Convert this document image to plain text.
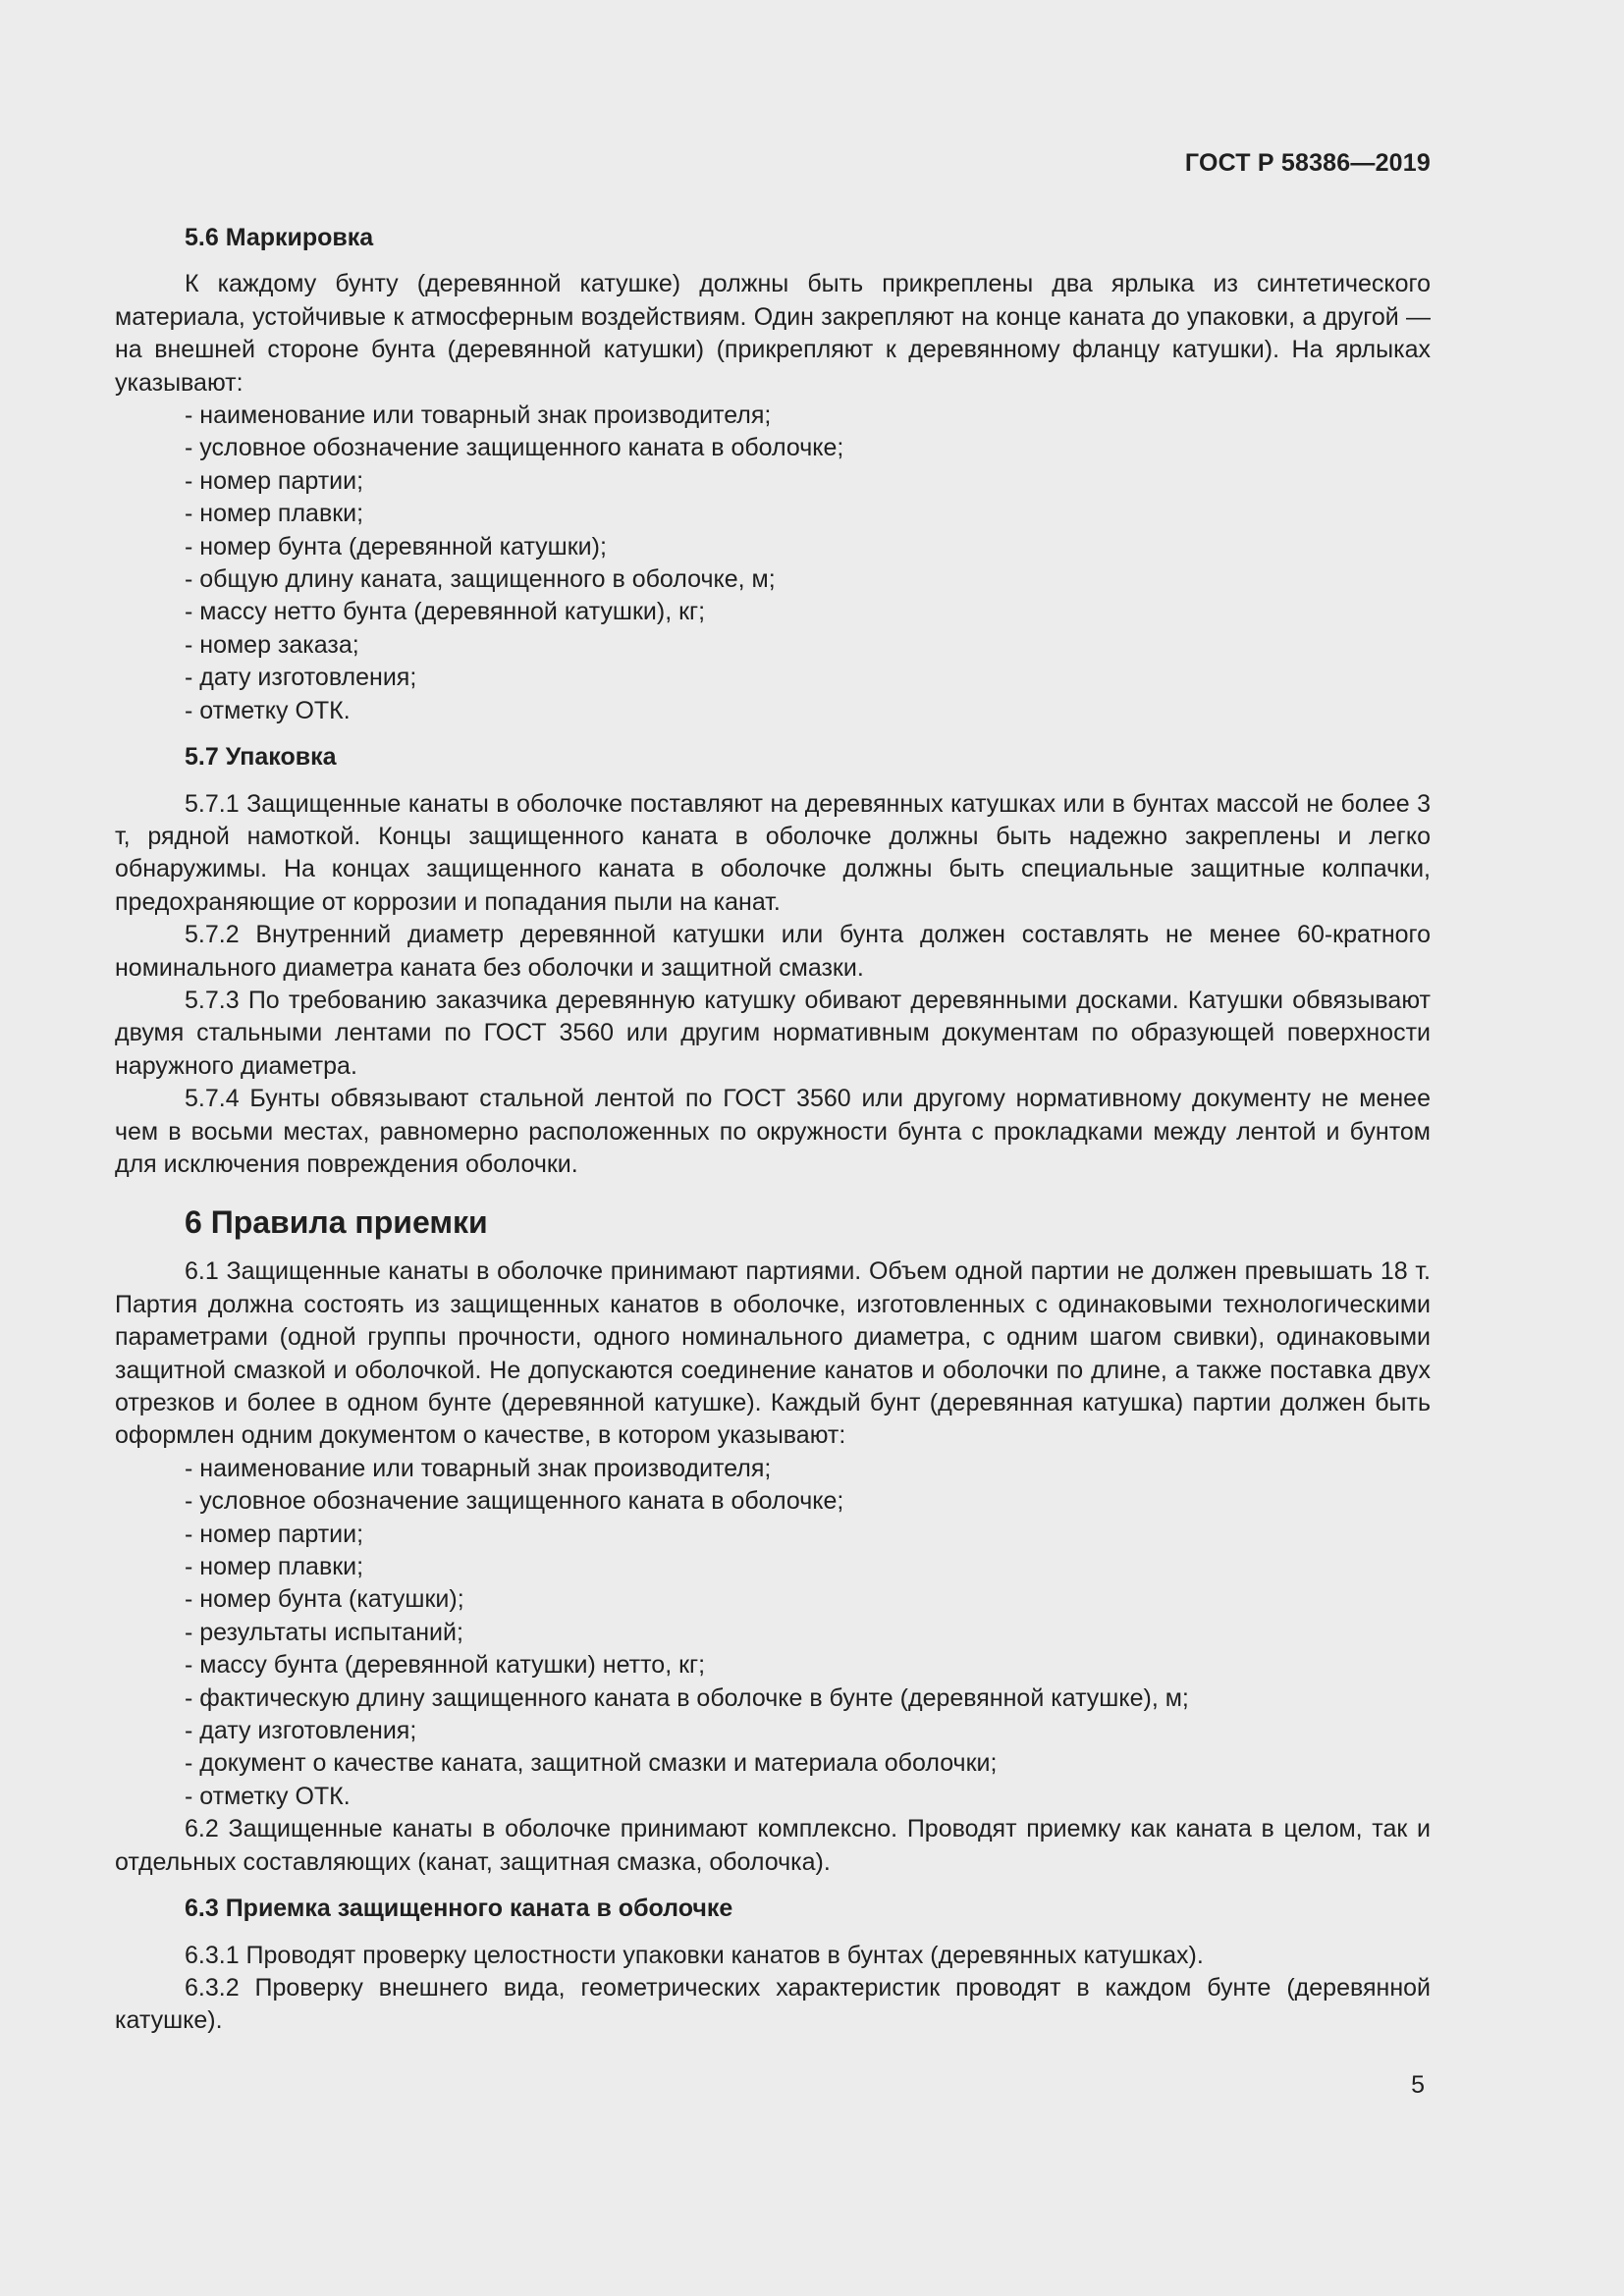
ГОСТ Р 58386—2019

5.6 Маркировка

К каждому бунту (деревянной катушке) должны быть прикреплены два ярлыка из синтетического материала, устойчивые к атмосферным воздействиям. Один закрепляют на конце каната до упаковки, а другой — на внешней стороне бунта (деревянной катушки) (прикрепляют к деревянному фланцу катушки). На ярлыках указывают:

- наименование или товарный знак производителя;

- условное обозначение защищенного каната в оболочке;

- номер партии;

- номер плавки;

- номер бунта (деревянной катушки);

- общую длину каната, защищенного в оболочке, м;

- массу нетто бунта (деревянной катушки), кг;

- номер заказа;

- дату изготовления;

- отметку ОТК.

5.7 Упаковка

5.7.1 Защищенные канаты в оболочке поставляют на деревянных катушках или в бунтах массой не более 3 т, рядной намоткой. Концы защищенного каната в оболочке должны быть надежно закреплены и легко обнаружимы. На концах защищенного каната в оболочке должны быть специальные защитные колпачки, предохраняющие от коррозии и попадания пыли на канат.

5.7.2 Внутренний диаметр деревянной катушки или бунта должен составлять не менее 60-кратного номинального диаметра каната без оболочки и защитной смазки.

5.7.3 По требованию заказчика деревянную катушку обивают деревянными досками. Катушки обвязывают двумя стальными лентами по ГОСТ 3560 или другим нормативным документам по образующей поверхности наружного диаметра.

5.7.4 Бунты обвязывают стальной лентой по ГОСТ 3560 или другому нормативному документу не менее чем в восьми местах, равномерно расположенных по окружности бунта с прокладками между лентой и бунтом для исключения повреждения оболочки.

6 Правила приемки

6.1 Защищенные канаты в оболочке принимают партиями. Объем одной партии не должен превышать 18 т. Партия должна состоять из защищенных канатов в оболочке, изготовленных с одинаковыми технологическими параметрами (одной группы прочности, одного номинального диаметра, с одним шагом свивки), одинаковыми защитной смазкой и оболочкой. Не допускаются соединение канатов и оболочки по длине, а также поставка двух отрезков и более в одном бунте (деревянной катушке). Каждый бунт (деревянная катушка) партии должен быть оформлен одним документом о качестве, в котором указывают:

- наименование или товарный знак производителя;

- условное обозначение защищенного каната в оболочке;

- номер партии;

- номер плавки;

- номер бунта (катушки);

- результаты испытаний;

- массу бунта (деревянной катушки) нетто, кг;

- фактическую длину защищенного каната в оболочке в бунте (деревянной катушке), м;

- дату изготовления;

- документ о качестве каната, защитной смазки и материала оболочки;

- отметку ОТК.

6.2 Защищенные канаты в оболочке принимают комплексно. Проводят приемку как каната в целом, так и отдельных составляющих (канат, защитная смазка, оболочка).

6.3 Приемка защищенного каната в оболочке

6.3.1 Проводят проверку целостности упаковки канатов в бунтах (деревянных катушках).

6.3.2 Проверку внешнего вида, геометрических характеристик проводят в каждом бунте (деревянной катушке).

5
